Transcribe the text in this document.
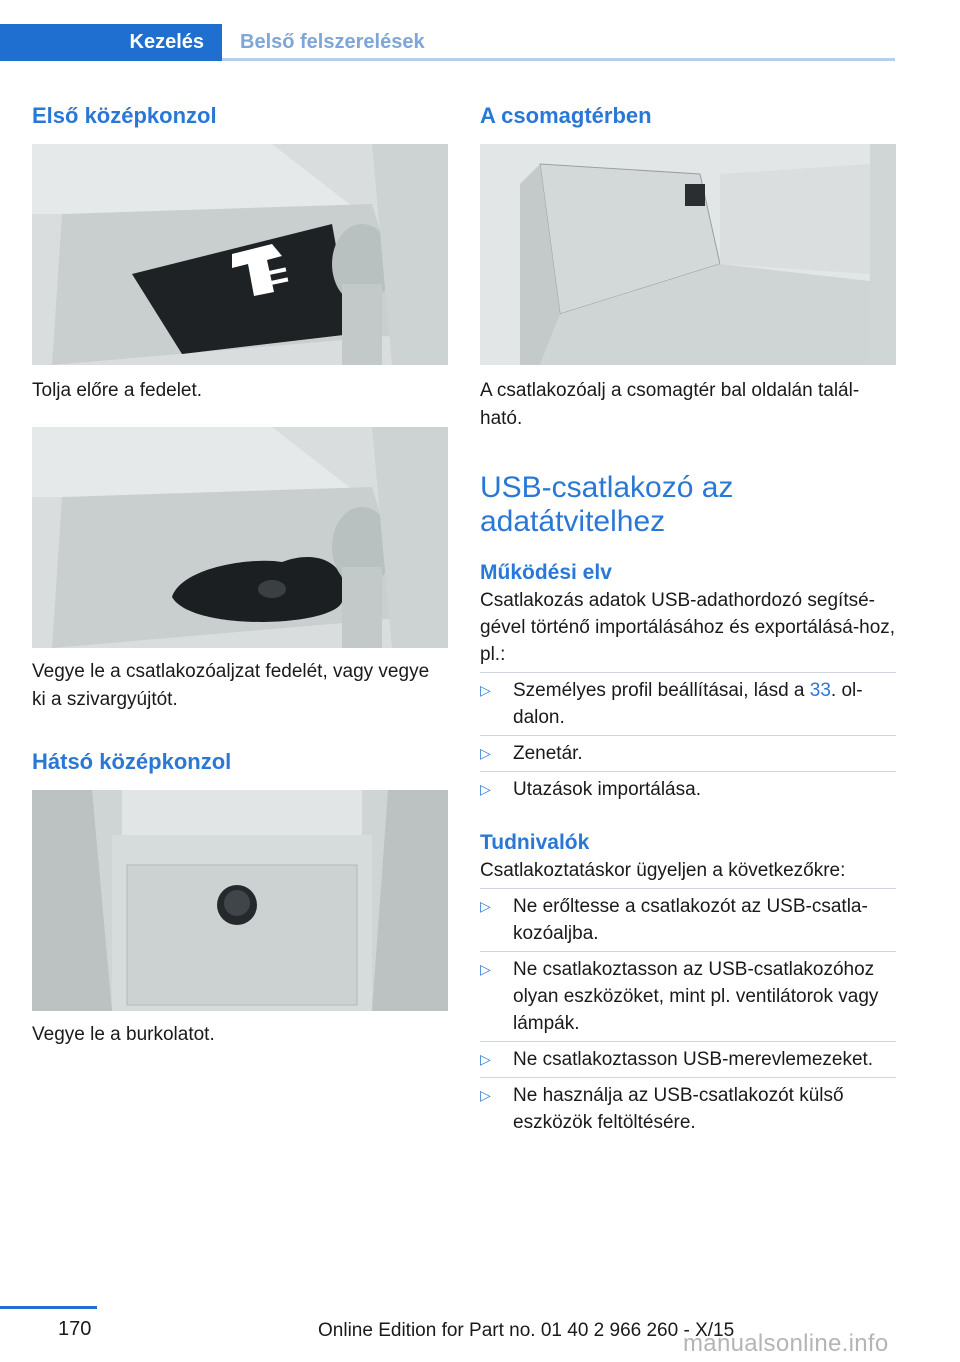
Kezelés	Belső felszerelések
Első középkonzol

Tolja előre a fedelet.

Vegye le a csatlakozóaljzat fedelét, vagy vegye ki a szivargyújtót.

Hátsó középkonzol

Vegye le a burkolatot.

A csomagtérben

A csatlakozóalj a csomagtér bal oldalán talál-ható.

USB-csatlakozó az adatátvitelhez
Működési elv

Csatlakozás adatok USB-adathordozó segítsé-gével történő importálásához és exportálásá-hoz, pl.:

▷ Személyes profil beállításai, lásd a 33. ol-dalon.
▷ Zenetár.
▷ Utazások importálása.
Tudnivalók

Csatlakoztatáskor ügyeljen a következőkre:

▷ Ne erőltesse a csatlakozót az USB-csatla-kozóaljba.
▷ Ne csatlakoztasson az USB-csatlakozóhoz olyan eszközöket, mint pl. ventilátorok vagy lámpák.
▷ Ne csatlakoztasson USB-merevlemezeket.
▷ Ne használja az USB-csatlakozót külső eszközök feltöltésére.
170	Online Edition for Part no. 01 40 2 966 260 - X/15
manualsonline.info
